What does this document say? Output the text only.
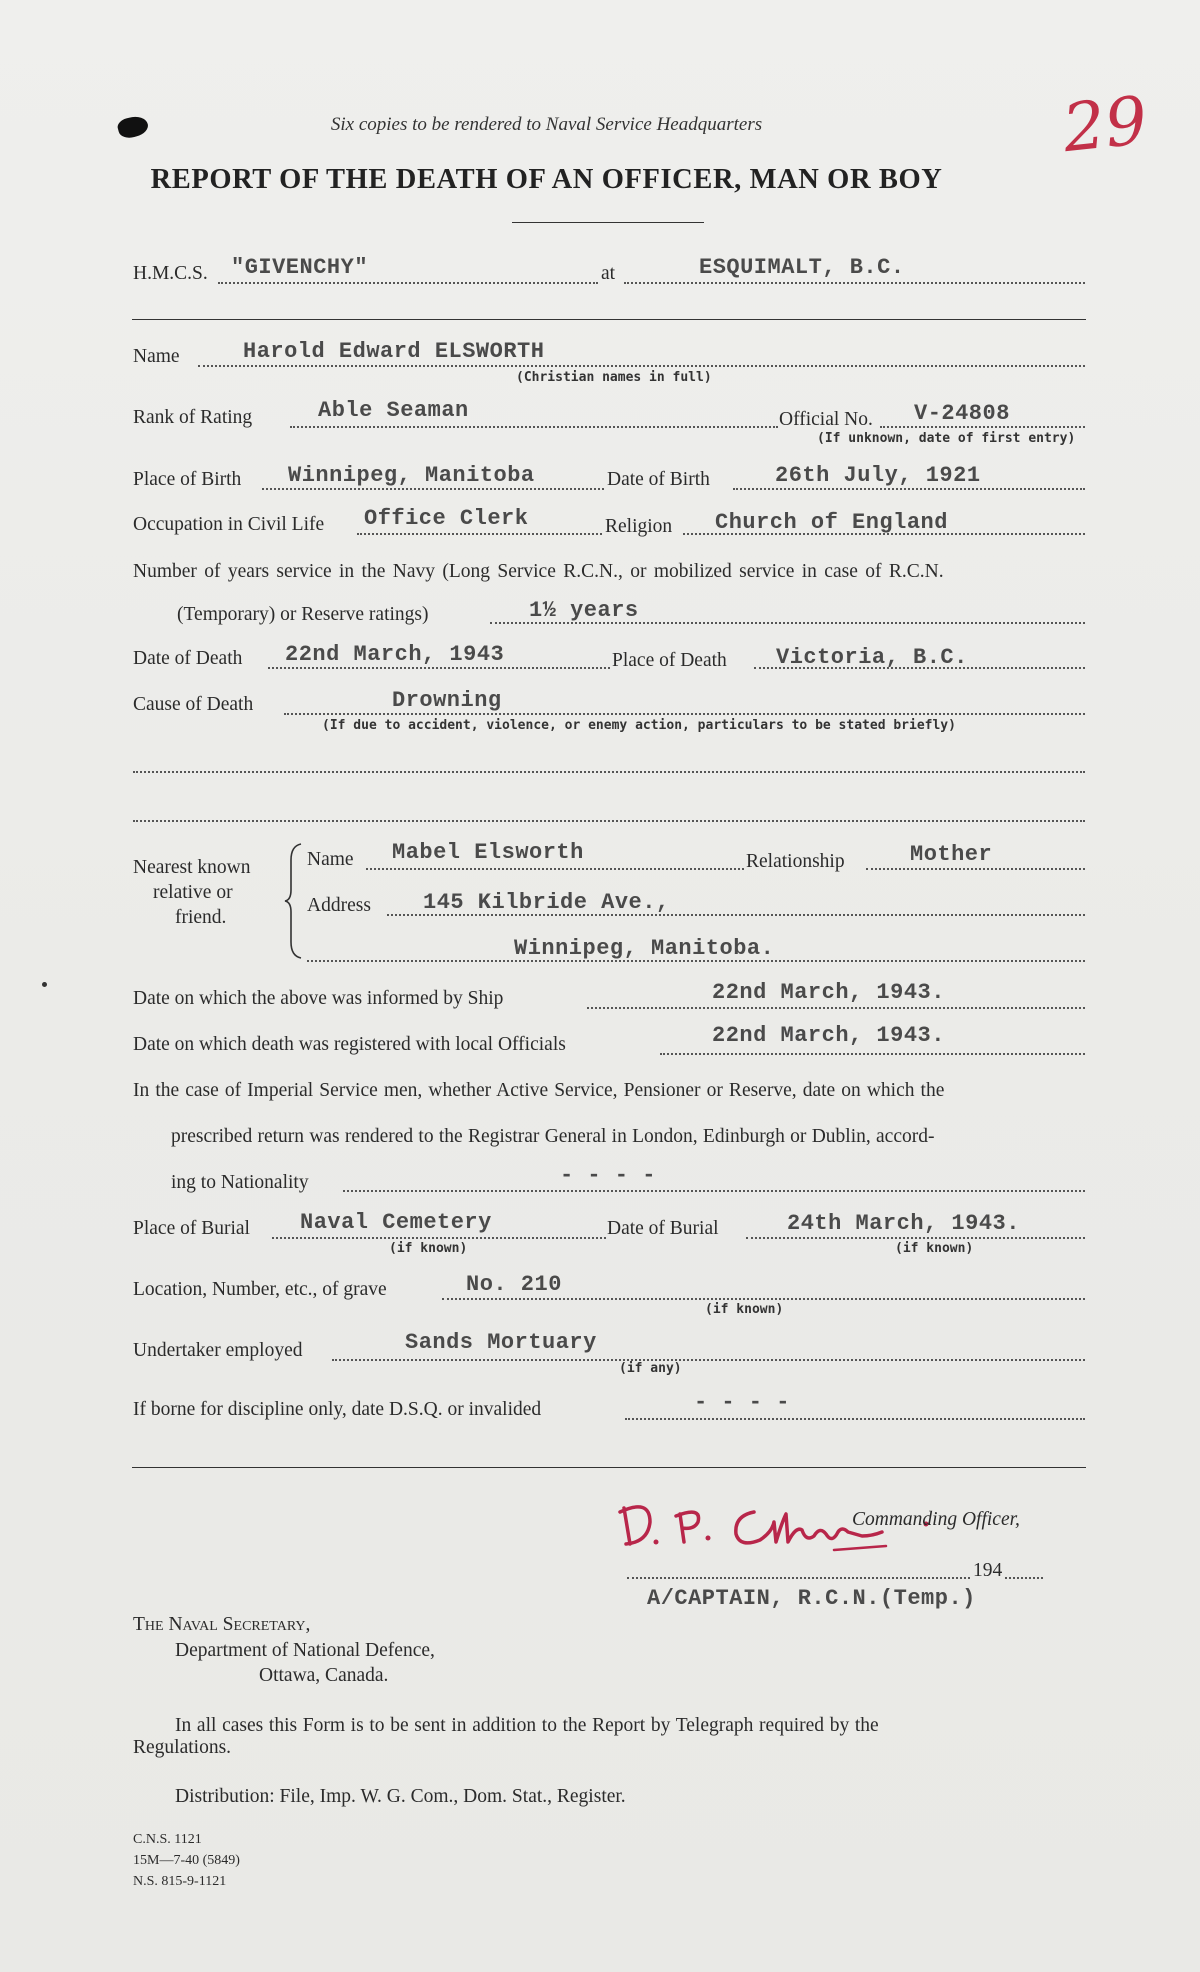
29
Six copies to be rendered to Naval Service Headquarters
REPORT OF THE DEATH OF AN OFFICER, MAN OR BOY
H.M.C.S. "GIVENCHY"	at	ESQUIMALT, B.C.
Name	Harold Edward ELSWORTH
(Christian names in full)
Rank of Rating	Able Seaman	Official No. V-24808
(If unknown, date of first entry)
Place of Birth Winnipeg, Manitoba	Date of Birth	26th July, 1921
Occupation in Civil Life Office Clerk	Religion Church of England
Number of years service in the Navy (Long Service R.C.N., or mobilized service in case of R.C.N.
(Temporary) or Reserve ratings)	1½ years
Date of Death 22nd March, 1943	Place of Death Victoria, B.C.
Cause of Death	Drowning
(If due to accident, violence, or enemy action, particulars to be stated briefly)
Nearest known
relative or
friend.
Name Mabel Elsworth	Relationship	Mother
Address 145 Kilbride Ave.,
Winnipeg, Manitoba.
Date on which the above was informed by Ship	22nd March, 1943.
Date on which death was registered with local Officials	22nd March, 1943.
In the case of Imperial Service men, whether Active Service, Pensioner or Reserve, date on which the
prescribed return was rendered to the Registrar General in London, Edinburgh or Dublin, accord-
ing to Nationality	- - - -
Place of Burial Naval Cemetery
(if known)
Date of Burial	24th March, 1943.
(if known)
Location, Number, etc., of grave	No. 210
(if known)
Undertaker employed	Sands Mortuary
(if any)
If borne for discipline only, date D.S.Q. or invalided	- - - -
Commanding Officer,
194
A/CAPTAIN, R.C.N.(Temp.)
The Naval Secretary,
Department of National Defence,
Ottawa, Canada.
In all cases this Form is to be sent in addition to the Report by Telegraph required by the
Regulations.
Distribution: File, Imp. W. G. Com., Dom. Stat., Register.
C.N.S. 1121
15M—7-40 (5849)
N.S. 815-9-1121
